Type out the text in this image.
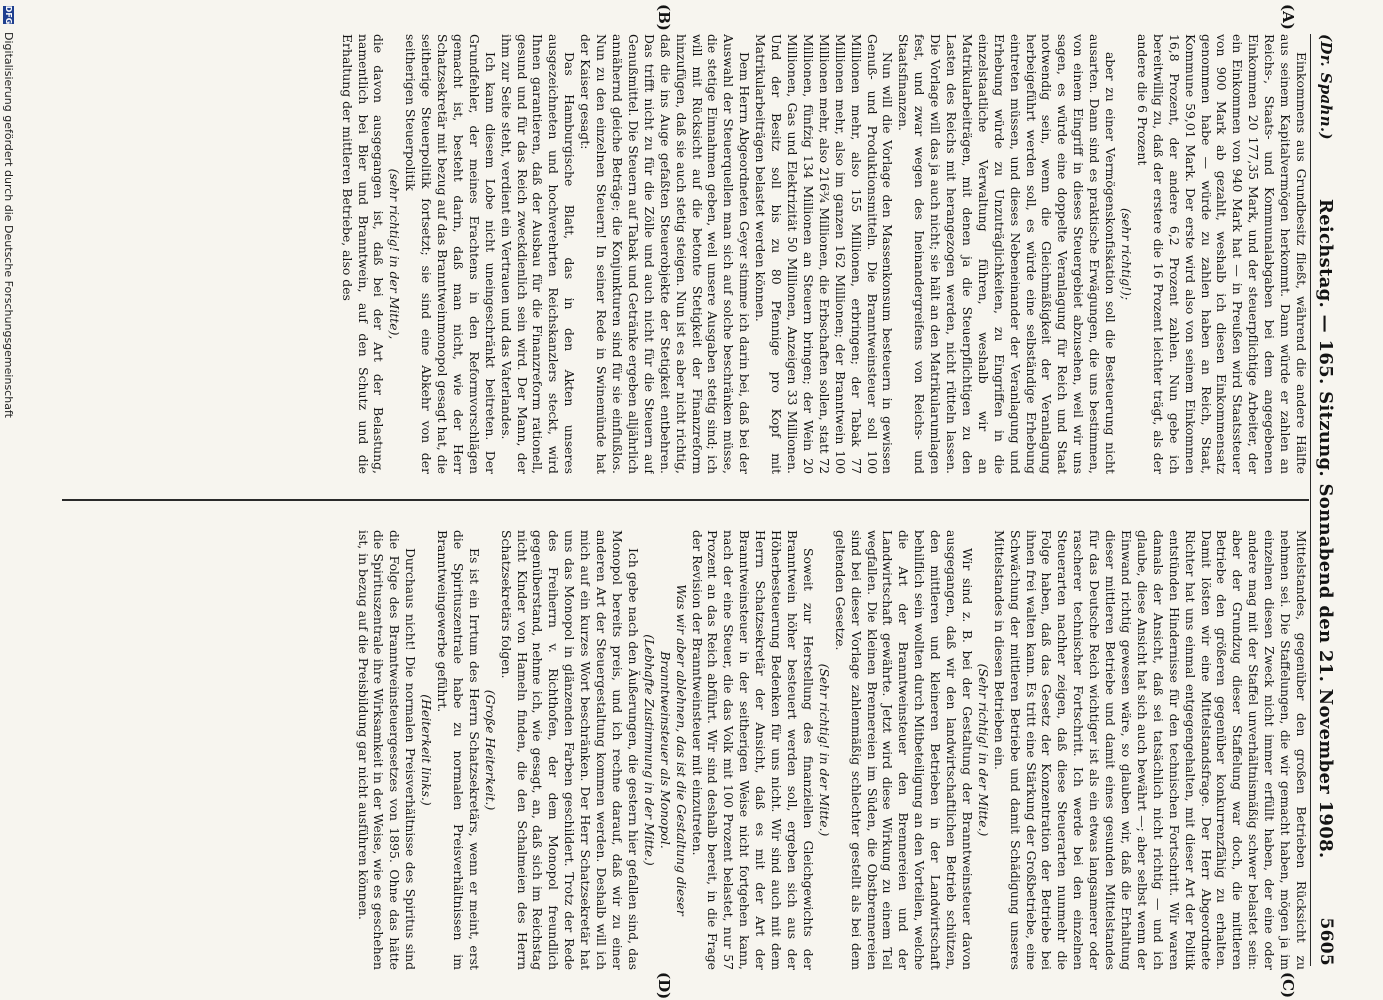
(Dr. Spahn.)
Reichstag. — 165. Sitzung. Sonnabend den 21. November 1908.
5605
(A)
(B)
(C)
(D)

Einkommens aus Grundbesitz fließt, während die andere Hälfte aus seinem Kapitalvermögen herkommt. Dann würde er zahlen an Reichs-, Staats- und Kommunalabgaben bei dem angegebenen Einkommen 20 177,35 Mark, und der steuerpflichtige Arbeiter, der ein Einkommen von 940 Mark hat — in Preußen wird Staatssteuer von 900 Mark ab gezahlt, weshalb ich diesen Einkommensatz genommen habe — würde zu zahlen haben an Reich, Staat, Kommune 59,01 Mark. Der erste wird also von seinem Einkommen 16,8 Prozent, der andere 6,2 Prozent zahlen. Nun gebe ich bereitwillig zu, daß der erstere die 16 Prozent leichter trägt, als der andere die 6 Prozent

(sehr richtig!);

aber zu einer Vermögenskonfiskation soll die Besteuerung nicht ausarten. Dann sind es praktische Erwägungen, die uns bestimmen, von einem Eingriff in dieses Steuergebiet abzusehen, weil wir uns sagen, es würde eine doppelte Veranlagung für Reich und Staat notwendig sein, wenn die Gleichmäßigkeit der Veranlagung herbeigeführt werden soll, es würde eine selbständige Erhebung eintreten müssen, und dieses Nebeneinander der Veranlagung und Erhebung würde zu Unzuträglichkeiten, zu Eingriffen in die einzelstaatliche Verwaltung führen, weshalb wir an Matrikularbeiträgen, mit denen ja die Steuerpflichtigen zu den Lasten des Reichs mit herangezogen werden, nicht rütteln lassen. Die Vorlage will das ja auch nicht; sie hält an den Matrikularumlagen fest, und zwar wegen des Ineinandergreifens von Reichs- und Staatsfinanzen.

Nun will die Vorlage den Massenkonsum besteuern in gewissen Genuß- und Produktionsmitteln. Die Branntweinsteuer soll 100 Millionen mehr, also 155 Millionen, erbringen; der Tabak 77 Millionen mehr, also im ganzen 162 Millionen; der Branntwein 100 Millionen mehr, also 216¾ Millionen, die Erbschaften sollen, statt 72 Millionen, fünfzig 134 Millionen an Steuern bringen; der Wein 20 Millionen, Gas und Elektrizität 50 Millionen, Anzeigen 33 Millionen. Und der Besitz soll bis zu 80 Pfennige pro Kopf mit Matrikularbeiträgen belastet werden können.

Dem Herrn Abgeordneten Geyer stimme ich darin bei, daß bei der Auswahl der Steuerquellen man sich auf solche beschränken müsse, die stetige Einnahmen geben, weil unsere Ausgaben stetig sind; ich will mit Rücksicht auf die betonte Stetigkeit der Finanzreform hinzufügen, daß sie auch stetig steigen. Nun ist es aber nicht richtig, daß die ins Auge gefaßten Steuerobjekte der Stetigkeit entbehren. Das trifft nicht zu für die Zölle und auch nicht für die Steuern auf Genußmittel. Die Steuern auf Tabak und Getränke ergeben alljährlich annähernd gleiche Beträge; die Konjunkturen sind für sie einflußlos. Nun zu den einzelnen Steuern! In seiner Rede in Swinemünde hat der Kaiser gesagt:

Das Hamburgische Blatt, das in den Akten unseres ausgezeichneten und hochverehrten Reichskanzlers steckt, wird Ihnen garantieren, daß der Ausbau für die Finanzreform rationell, gesund und für das Reich zweckdienlich sein wird. Der Mann, der ihm zur Seite steht, verdient ein Vertrauen und das Vaterlandes.

Ich kann diesem Lobe nicht uneingeschränkt beitreten. Der Grundfehler, der meines Erachtens in den Reformvorschlägen gemacht ist, besteht darin, daß man nicht, wie der Herr Schatzsekretär mit bezug auf das Branntweinmonopol gesagt hat, die seitherige Steuerpolitik fortsetzt; sie sind eine Abkehr von der seitherigen Steuerpolitik

(sehr richtig! in der Mitte),

die davon ausgegangen ist, daß bei der Art der Belastung, namentlich bei Bier und Branntwein, auf den Schutz und die Erhaltung der mittleren Betriebe, also des

Mittelstandes, gegenüber den großen Betrieben Rücksicht zu nehmen sei. Die Staffelungen, die wir gemacht haben, mögen ja im einzelnen diesen Zweck nicht immer erfüllt haben, der eine oder andere mag mit der Staffel unverhältnismäßig schwer belastet sein: aber der Grundzug dieser Staffelung war doch, die mittleren Betriebe den größeren gegenüber konkurrenzfähig zu erhalten. Damit lösten wir eine Mittelstandsfrage. Der Herr Abgeordnete Richter hat uns einmal entgegengehalten, mit dieser Art der Politik entstünden Hindernisse für den technischen Fortschritt. Wir waren damals der Ansicht, daß sei tatsächlich nicht richtig — und ich glaube, diese Ansicht hat sich auch bewährt —; aber selbst wenn der Einwand richtig gewesen wäre, so glauben wir, daß die Erhaltung dieser mittleren Betriebe und damit eines gesunden Mittelstandes für das Deutsche Reich wichtiger ist als ein etwas langsamerer oder rascherer technischer Fortschritt. Ich werde bei den einzelnen Steuerarten nachher zeigen, daß diese Steuerarten nunmehr die Folge haben, daß das Gesetz der Konzentration der Betriebe bei ihnen frei walten kann. Es tritt eine Stärkung der Großbetriebe, eine Schwächung der mittleren Betriebe und damit Schädigung unseres Mittelstandes in diesen Betrieben ein.

(Sehr richtig! in der Mitte.)

Wir sind z. B. bei der Gestaltung der Branntweinsteuer davon ausgegangen, daß wir den landwirtschaftlichen Betrieb schützen, den mittleren und kleineren Betrieben in der Landwirtschaft behilflich sein wollten durch Mitbeteiligung an den Vorteilen, welche die Art der Branntweinsteuer den Brennereien und der Landwirtschaft gewährte. Jetzt wird diese Wirkung zu einem Teil wegfallen. Die kleinen Brennereien im Süden, die Obstbrennereien sind bei dieser Vorlage zahlenmäßig schlechter gestellt als bei dem geltenden Gesetze.

(Sehr richtig! in der Mitte.)

Soweit zur Herstellung des finanziellen Gleichgewichts der Branntwein höher besteuert werden soll, ergeben sich aus der Höherbesteuerung Bedenken für uns nicht. Wir sind auch mit dem Herrn Schatzsekretär der Ansicht, daß es mit der Art der Branntweinsteuer in der seitherigen Weise nicht fortgehen kann, nach der eine Steuer, die das Volk mit 100 Prozent belastet, nur 57 Prozent an das Reich abführt. Wir sind deshalb bereit, in die Frage der Revision der Branntweinsteuer mit einzutreten.

Was wir aber ablehnen, das ist die Gestaltung dieser Branntweinsteuer als Monopol.

(Lebhafte Zustimmung in der Mitte.)

Ich gebe nach den Äußerungen, die gestern hier gefallen sind, das Monopol bereits preis, und ich rechne darauf, daß wir zu einer anderen Art der Steuergestaltung kommen werden. Deshalb will ich mich auf ein kurzes Wort beschränken. Der Herr Schatzsekretär hat uns das Monopol in glänzenden Farben geschildert. Trotz der Rede des Freiherrn v. Richthofen, der dem Monopol freundlich gegenüberstand, nehme ich, wie gesagt, an, daß sich im Reichstag nicht Kinder von Hameln finden, die den Schalmeien des Herrn Schatzsekretärs folgen.

(Große Heiterkeit.)

Es ist ein Irrtum des Herrn Schatzsekretärs, wenn er meint, erst die Spirituszentrale habe zu normalen Preisverhältnissen im Branntweingewerbe geführt.

(Heiterkeit links.)

Durchaus nicht! Die normalen Preisverhältnisse des Spiritus sind die Folge des Branntweinsteuergesetzes von 1895. Ohne das hätte die Spirituszentrale ihre Wirksamkeit in der Weise, wie es geschehen ist, in bezug auf die Preisbildung gar nicht ausführen können.

DFG
Digitalisierung gefördert durch die Deutsche Forschungsgemeinschaft
